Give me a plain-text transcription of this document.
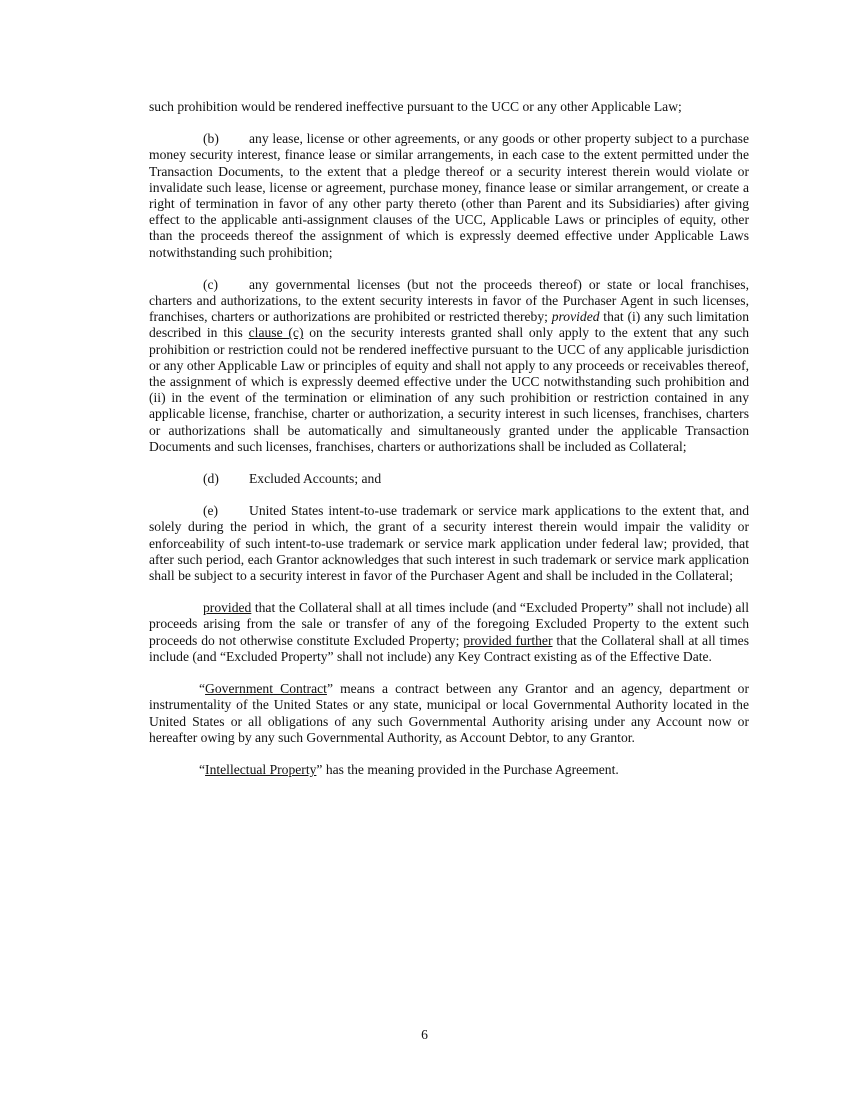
such prohibition would be rendered ineffective pursuant to the UCC or any other Applicable Law;

(b) any lease, license or other agreements, or any goods or other property subject to a purchase money security interest, finance lease or similar arrangements, in each case to the extent permitted under the Transaction Documents, to the extent that a pledge thereof or a security interest therein would violate or invalidate such lease, license or agreement, purchase money, finance lease or similar arrangement, or create a right of termination in favor of any other party thereto (other than Parent and its Subsidiaries) after giving effect to the applicable anti-assignment clauses of the UCC, Applicable Laws or principles of equity, other than the proceeds thereof the assignment of which is expressly deemed effective under Applicable Laws notwithstanding such prohibition;

(c) any governmental licenses (but not the proceeds thereof) or state or local franchises, charters and authorizations, to the extent security interests in favor of the Purchaser Agent in such licenses, franchises, charters or authorizations are prohibited or restricted thereby; provided that (i) any such limitation described in this clause (c) on the security interests granted shall only apply to the extent that any such prohibition or restriction could not be rendered ineffective pursuant to the UCC of any applicable jurisdiction or any other Applicable Law or principles of equity and shall not apply to any proceeds or receivables thereof, the assignment of which is expressly deemed effective under the UCC notwithstanding such prohibition and (ii) in the event of the termination or elimination of any such prohibition or restriction contained in any applicable license, franchise, charter or authorization, a security interest in such licenses, franchises, charters or authorizations shall be automatically and simultaneously granted under the applicable Transaction Documents and such licenses, franchises, charters or authorizations shall be included as Collateral;

(d) Excluded Accounts; and

(e) United States intent-to-use trademark or service mark applications to the extent that, and solely during the period in which, the grant of a security interest therein would impair the validity or enforceability of such intent-to-use trademark or service mark application under federal law; provided, that after such period, each Grantor acknowledges that such interest in such trademark or service mark application shall be subject to a security interest in favor of the Purchaser Agent and shall be included in the Collateral;

provided that the Collateral shall at all times include (and “Excluded Property” shall not include) all proceeds arising from the sale or transfer of any of the foregoing Excluded Property to the extent such proceeds do not otherwise constitute Excluded Property; provided further that the Collateral shall at all times include (and “Excluded Property” shall not include) any Key Contract existing as of the Effective Date.

“Government Contract” means a contract between any Grantor and an agency, department or instrumentality of the United States or any state, municipal or local Governmental Authority located in the United States or all obligations of any such Governmental Authority arising under any Account now or hereafter owing by any such Governmental Authority, as Account Debtor, to any Grantor.

“Intellectual Property” has the meaning provided in the Purchase Agreement.

6
